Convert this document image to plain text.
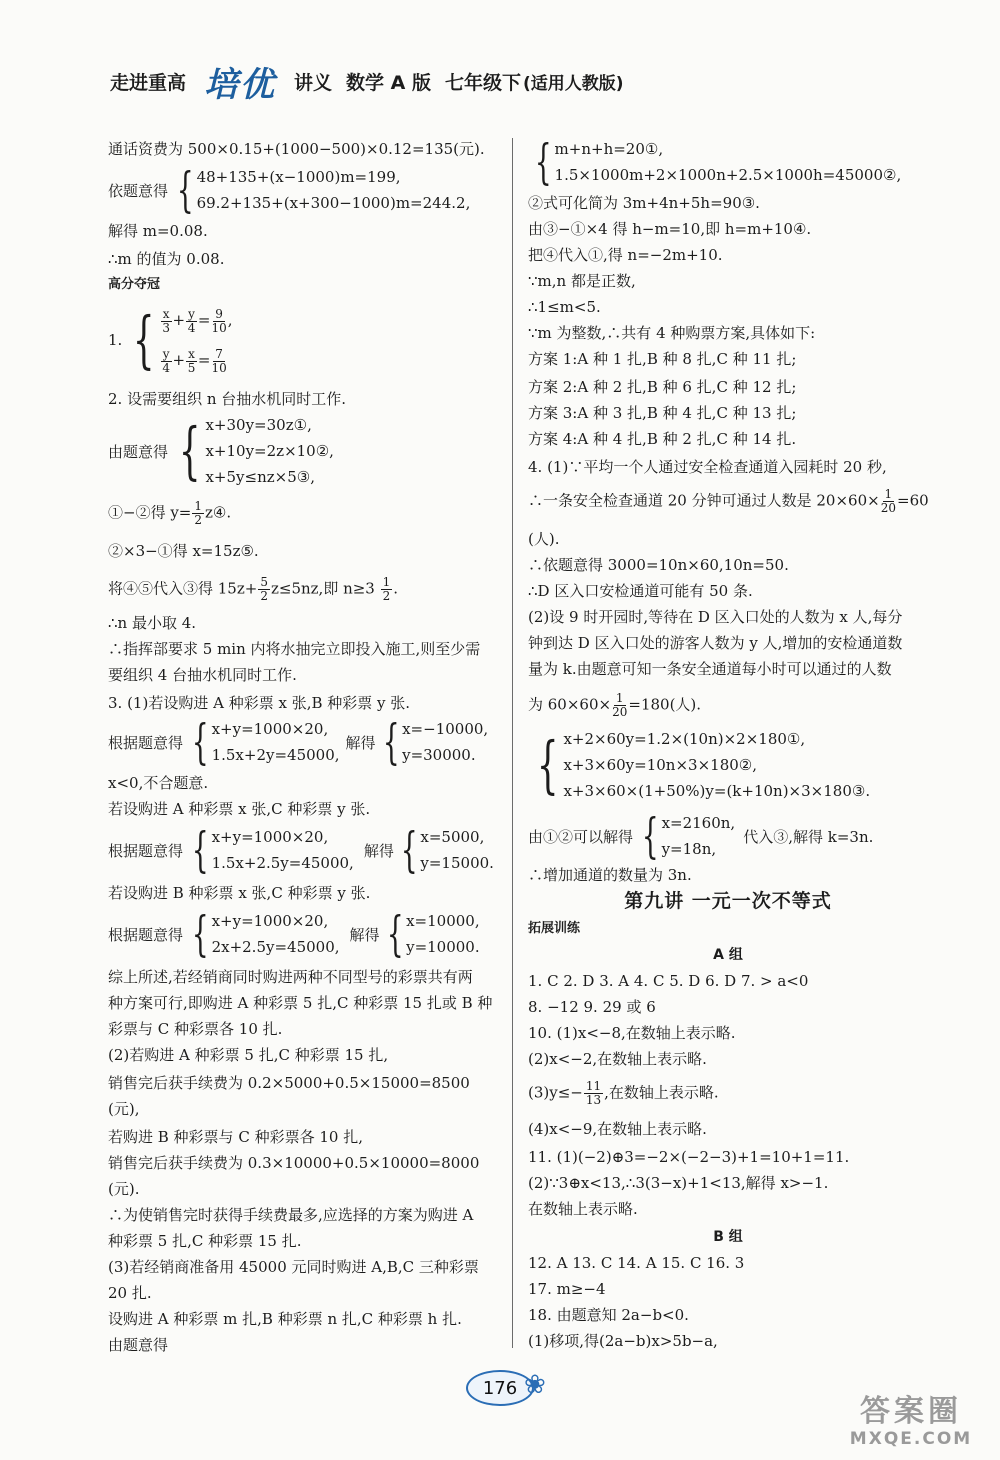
走进重高 培优 讲义 数学 A 版 七年级下 (适用人教版)
通话资费为 500×0.15+(1000−500)×0.12=135(元).
依题意得 { 48+135+(x−1000)m=199,
69.2+135+(x+300−1000)m=244.2,
解得 m=0.08.
∴m 的值为 0.08.
高分夺冠
1. { $\frac{x}{3} + \frac{y}{4} = \frac{9}{10}$ ,
$\frac{y}{4} + \frac{x}{5} = \frac{7}{10}$
2. 设需要组织 n 台抽水机同时工作.
由题意得 { x+30y=30z①,
x+10y=2z×10②,
x+5y≤nz×5③,
①−②得 $y= \frac{1}{2}$ z④.
②×3−①得 x=15z⑤.
将④⑤代入③得 $15z+ \frac{5}{2} z\le 5nz$,即 $n\ge 3 \frac{1}{2}$ .
∴n 最小取 4.
∴指挥部要求 5 min 内将水抽完立即投入施工,则至少需
要组织 4 台抽水机同时工作.
3. (1)若设购进 A 种彩票 x 张,B 种彩票 y 张.
根据题意得 { x+y=1000×20,
1.5x+2y=45000,
解得 { x=−10000,
y=30000.
x<0,不合题意.
若设购进 A 种彩票 x 张,C 种彩票 y 张.
根据题意得 { x+y=1000×20,
1.5x+2.5y=45000,
解得 { x=5000,
y=15000.
若设购进 B 种彩票 x 张,C 种彩票 y 张.
根据题意得 { x+y=1000×20,
2x+2.5y=45000,
解得 { x=10000,
y=10000.
综上所述,若经销商同时购进两种不同型号的彩票共有两
种方案可行,即购进 A 种彩票 5 扎,C 种彩票 15 扎或 B 种
彩票与 C 种彩票各 10 扎.
(2)若购进 A 种彩票 5 扎,C 种彩票 15 扎,
销售完后获手续费为 0.2×5000+0.5×15000=8500
(元),
若购进 B 种彩票与 C 种彩票各 10 扎,
销售完后获手续费为 0.3×10000+0.5×10000=8000
(元).
∴为使销售完时获得手续费最多,应选择的方案为购进 A
种彩票 5 扎,C 种彩票 15 扎.
(3)若经销商准备用 45000 元同时购进 A,B,C 三种彩票
20 扎.
设购进 A 种彩票 m 扎,B 种彩票 n 扎,C 种彩票 h 扎.
由题意得
{ m+n+h=20①,
1.5×1000m+2×1000n+2.5×1000h=45000②,
②式可化简为 3m+4n+5h=90③.
由③−①×4 得 h−m=10,即 h=m+10④.
把④代入①,得 n=−2m+10.
∵m,n 都是正数,
∴1≤m<5.
∵m 为整数,∴共有 4 种购票方案,具体如下:
方案 1:A 种 1 扎,B 种 8 扎,C 种 11 扎;
方案 2:A 种 2 扎,B 种 6 扎,C 种 12 扎;
方案 3:A 种 3 扎,B 种 4 扎,C 种 13 扎;
方案 4:A 种 4 扎,B 种 2 扎,C 种 14 扎.
4. (1)∵平均一个人通过安全检查通道入园耗时 20 秒,
∴一条安全检查通道 20 分钟可通过人数是 $20\times 60\times \frac{1}{20} =60$
(人).
∴依题意得 3000=10n×60,10n=50.
∴D 区入口安检通道可能有 50 条.
(2)设 9 时开园时,等待在 D 区入口处的人数为 x 人,每分
钟到达 D 区入口处的游客人数为 y 人,增加的安检通道数
量为 k.由题意可知一条安全通道每小时可以通过的人数
为 $60\times 60\times \frac{1}{20} =180$(人).
{ x+2×60y=1.2×(10n)×2×180①,
x+3×60y=10n×3×180②,
x+3×60×(1+50%)y=(k+10n)×3×180③.
由①②可以解得 { x=2160n,
y=18n,
代入③,解得 k=3n.
∴增加通道的数量为 3n.
第九讲 一元一次不等式
拓展训练
A 组
1. C 2. D 3. A 4. C 5. D 6. D 7. > a<0
8. −12 9. 29 或 6
10. (1)x<−8,在数轴上表示略.
(2)x<−2,在数轴上表示略.
$(3)y\le- \frac{11}{13}$ ,在数轴上表示略.
(4)x<−9,在数轴上表示略.
11. (1)(−2)⊕3=−2×(−2−3)+1=10+1=11.
(2)∵3⊕x<13,∴3(3−x)+1<13,解得 x>−1.
在数轴上表示略.
B 组
12. A 13. C 14. A 15. C 16. 3
17. m≥−4
18. 由题意知 2a−b<0.
(1)移项,得(2a−b)x>5b−a,
176 ❀
答案圈
MXQE.COM
